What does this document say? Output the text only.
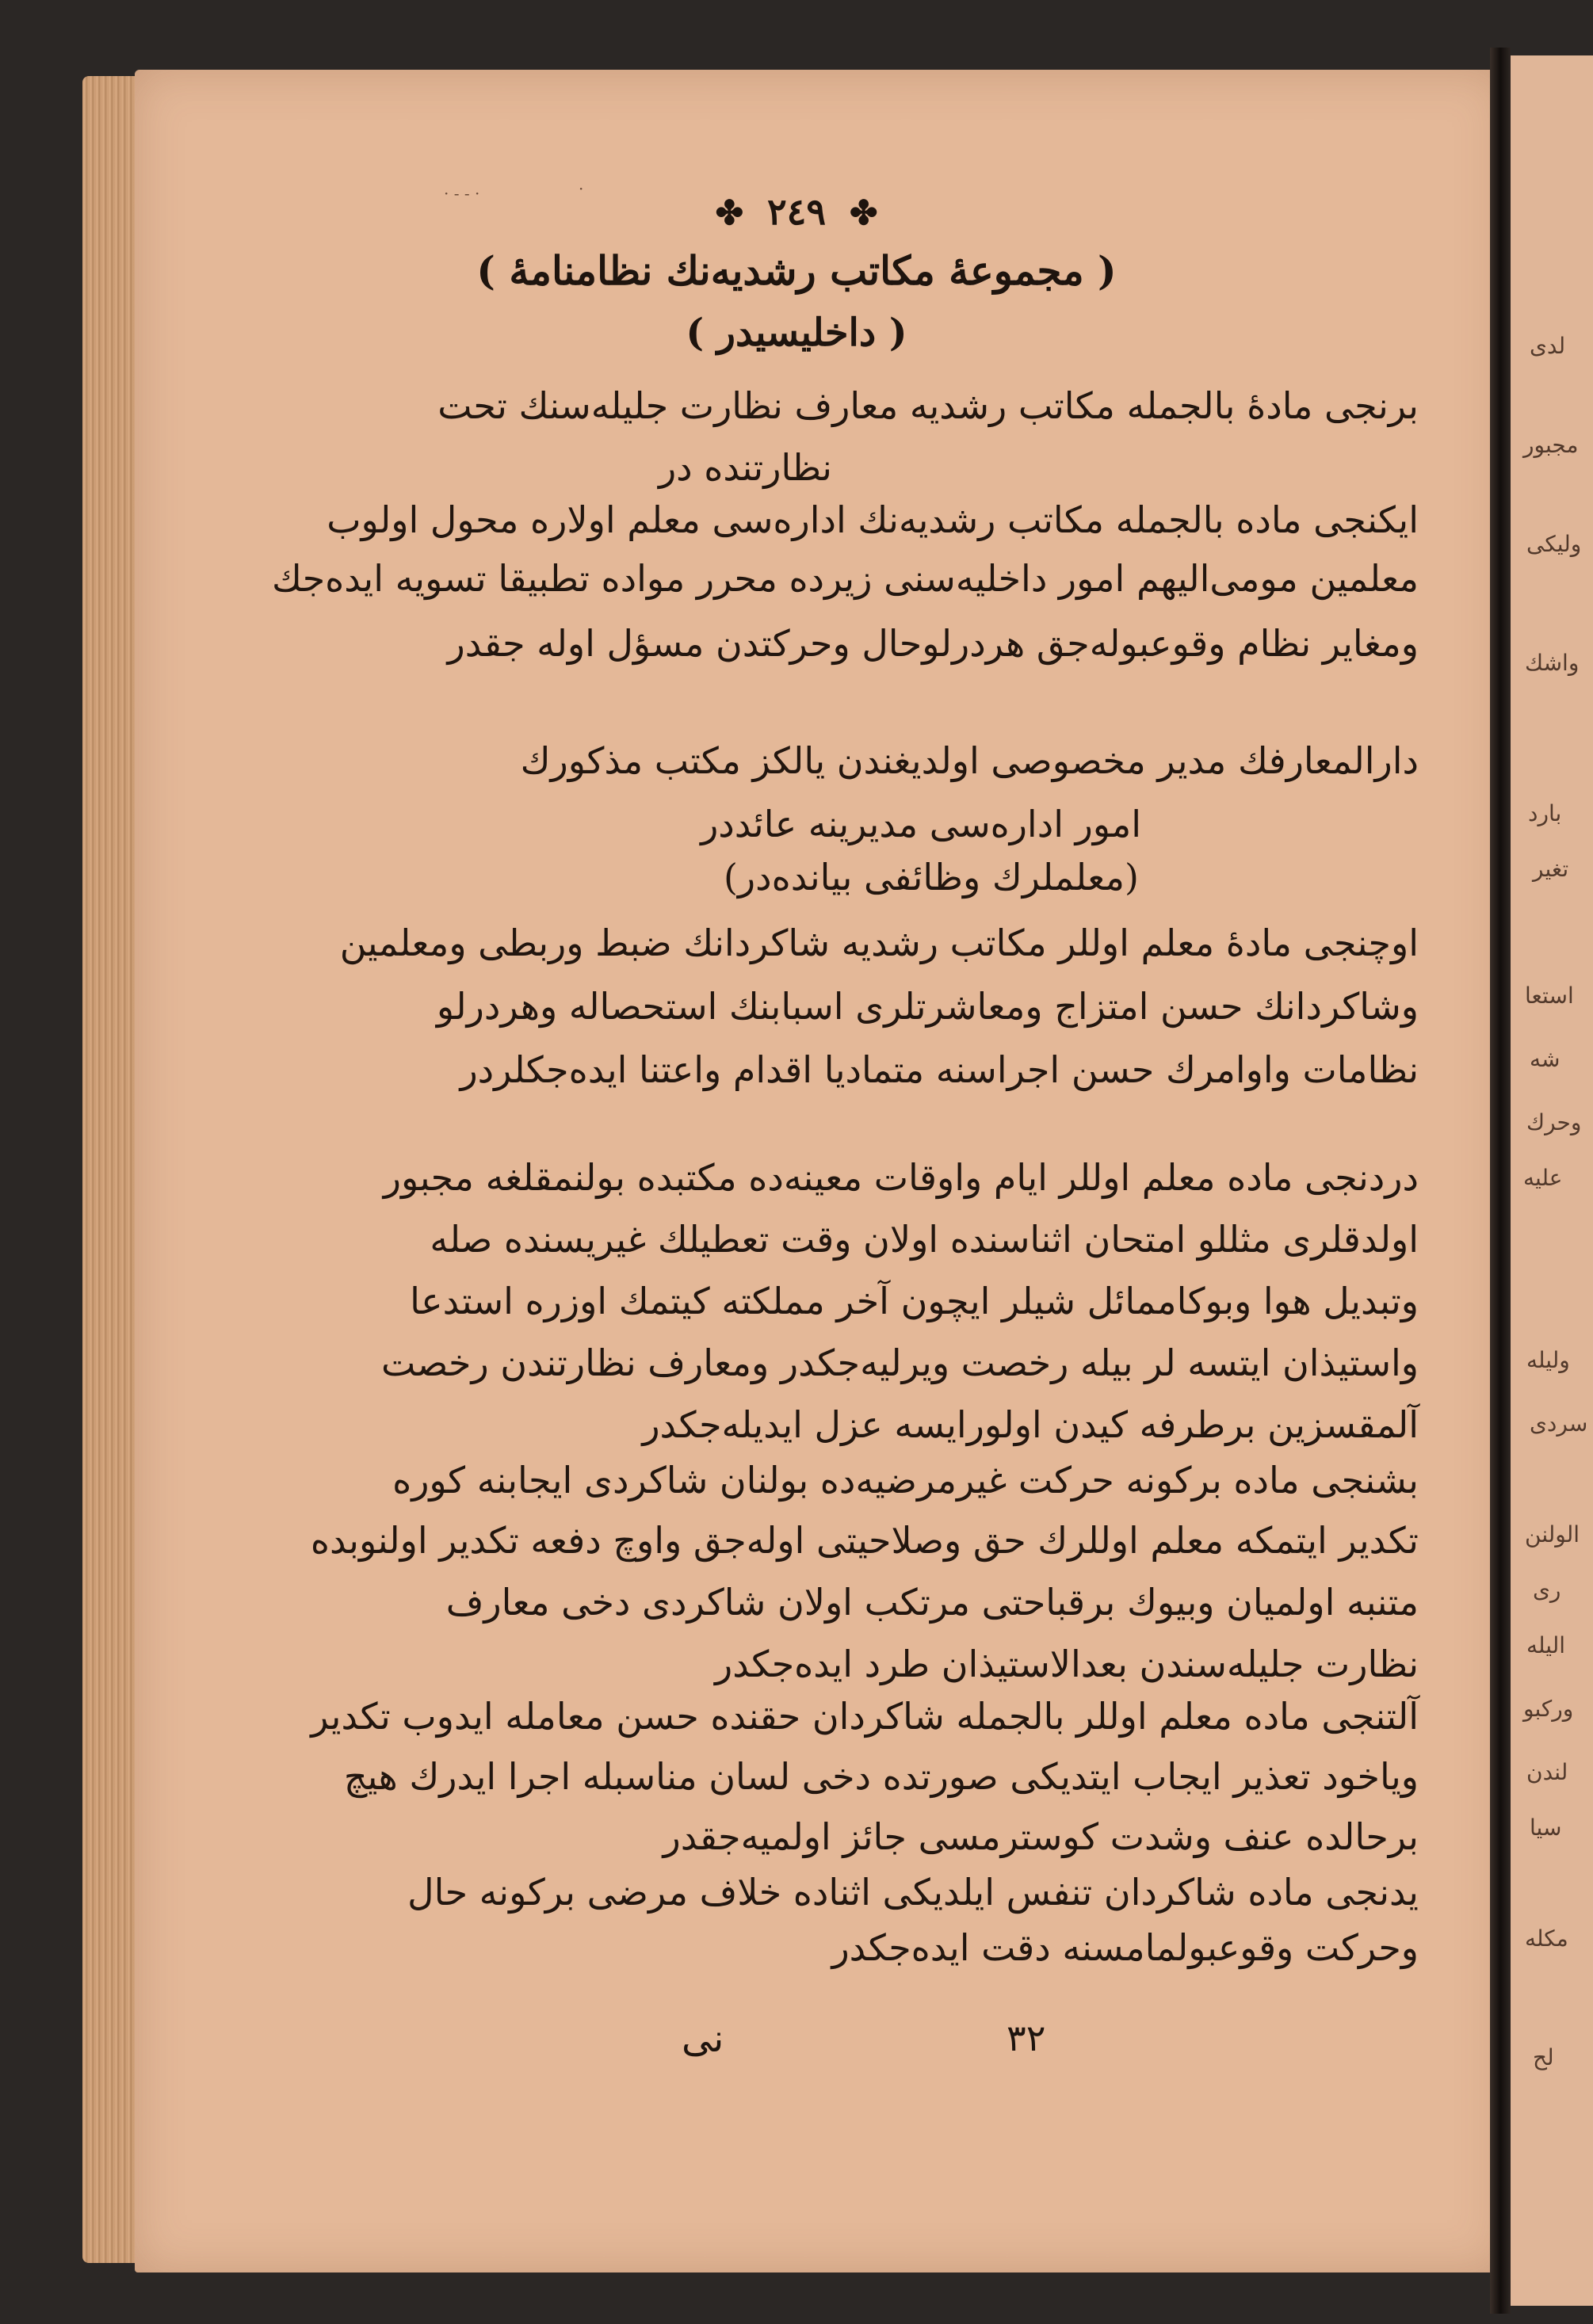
· ‐ ‐ ·	·
✤ ٢٤٩ ✤
( مجموعهٔ مکاتب رشدیه‌نك نظامنامهٔ )
( داخلیسیدر )
برنجی مادهٔ بالجمله مکاتب رشدیه معارف نظارت جلیله‌سنك تحت
نظارتنده در
ایکنجی ماده بالجمله مکاتب رشدیه‌نك اداره‌سی معلم اولاره محول اولوب
معلمین مومی‌الیهم امور داخلیه‌سنی زیرده محرر مواده تطبیقا تسویه ایده‌جك
ومغایر نظام وقوعبوله‌جق هردرلوحال وحرکتدن مسؤل اوله جقدر
دارالمعارفك مدیر مخصوصی اولدیغندن یالکز مکتب مذکورك
امور اداره‌سی مدیرینه عائددر
(معلملرك وظائفی بیانده‌در)
اوچنجی مادهٔ معلم اوللر مکاتب رشدیه شاکردانك ضبط وربطی ومعلمین
وشاکردانك حسن امتزاج ومعاشرتلری اسبابنك استحصاله وهردرلو
نظامات واوامرك حسن اجراسنه متمادیا اقدام واعتنا ایده‌جکلردر
دردنجی ماده معلم اوللر ایام واوقات معینه‌ده مکتبده بولنمقلغه مجبور
اولدقلری مثللو امتحان اثناسنده اولان وقت تعطیلك غیریسنده صله
وتبدیل هوا وبوکاممائل شیلر ایچون آخر مملکته کیتمك اوزره استدعا
واستیذان ایتسه لر بیله رخصت ویرلیه‌جکدر ومعارف نظارتندن رخصت
آلمقسزین برطرفه کیدن اولورایسه عزل ایدیله‌جکدر
بشنجی ماده برکونه حرکت غیرمرضیه‌ده بولنان شاکردی ایجابنه کوره
تکدیر ایتمکه معلم اوللرك حق وصلاحیتی اوله‌جق واوچ دفعه تکدیر اولنوبده
متنبه اولمیان وبیوك برقباحتی مرتکب اولان شاکردی دخی معارف
نظارت جلیله‌سندن بعدالاستیذان طرد ایده‌جکدر
آلتنجی ماده معلم اوللر بالجمله شاکردان حقنده حسن معامله ایدوب تکدیر
ویاخود تعذیر ایجاب ایتدیکی صورتده دخی لسان مناسبله اجرا ایدرك هیچ
برحالده عنف وشدت کوسترمسی جائز اولمیه‌جقدر
یدنجی ماده شاکردان تنفس ایلدیکی اثناده خلاف مرضی برکونه حال
وحرکت وقوعبولمامسنه دقت ایده‌جکدر
نی	٣٢
لدی
مجبور
ولیکی
واشك
بارد
تغیر
استعا
شه
وحرك
علیه
ولیله
سردی
الولنن
ری
الیله
ورکبو
لندن
سیا
مکله
لح
